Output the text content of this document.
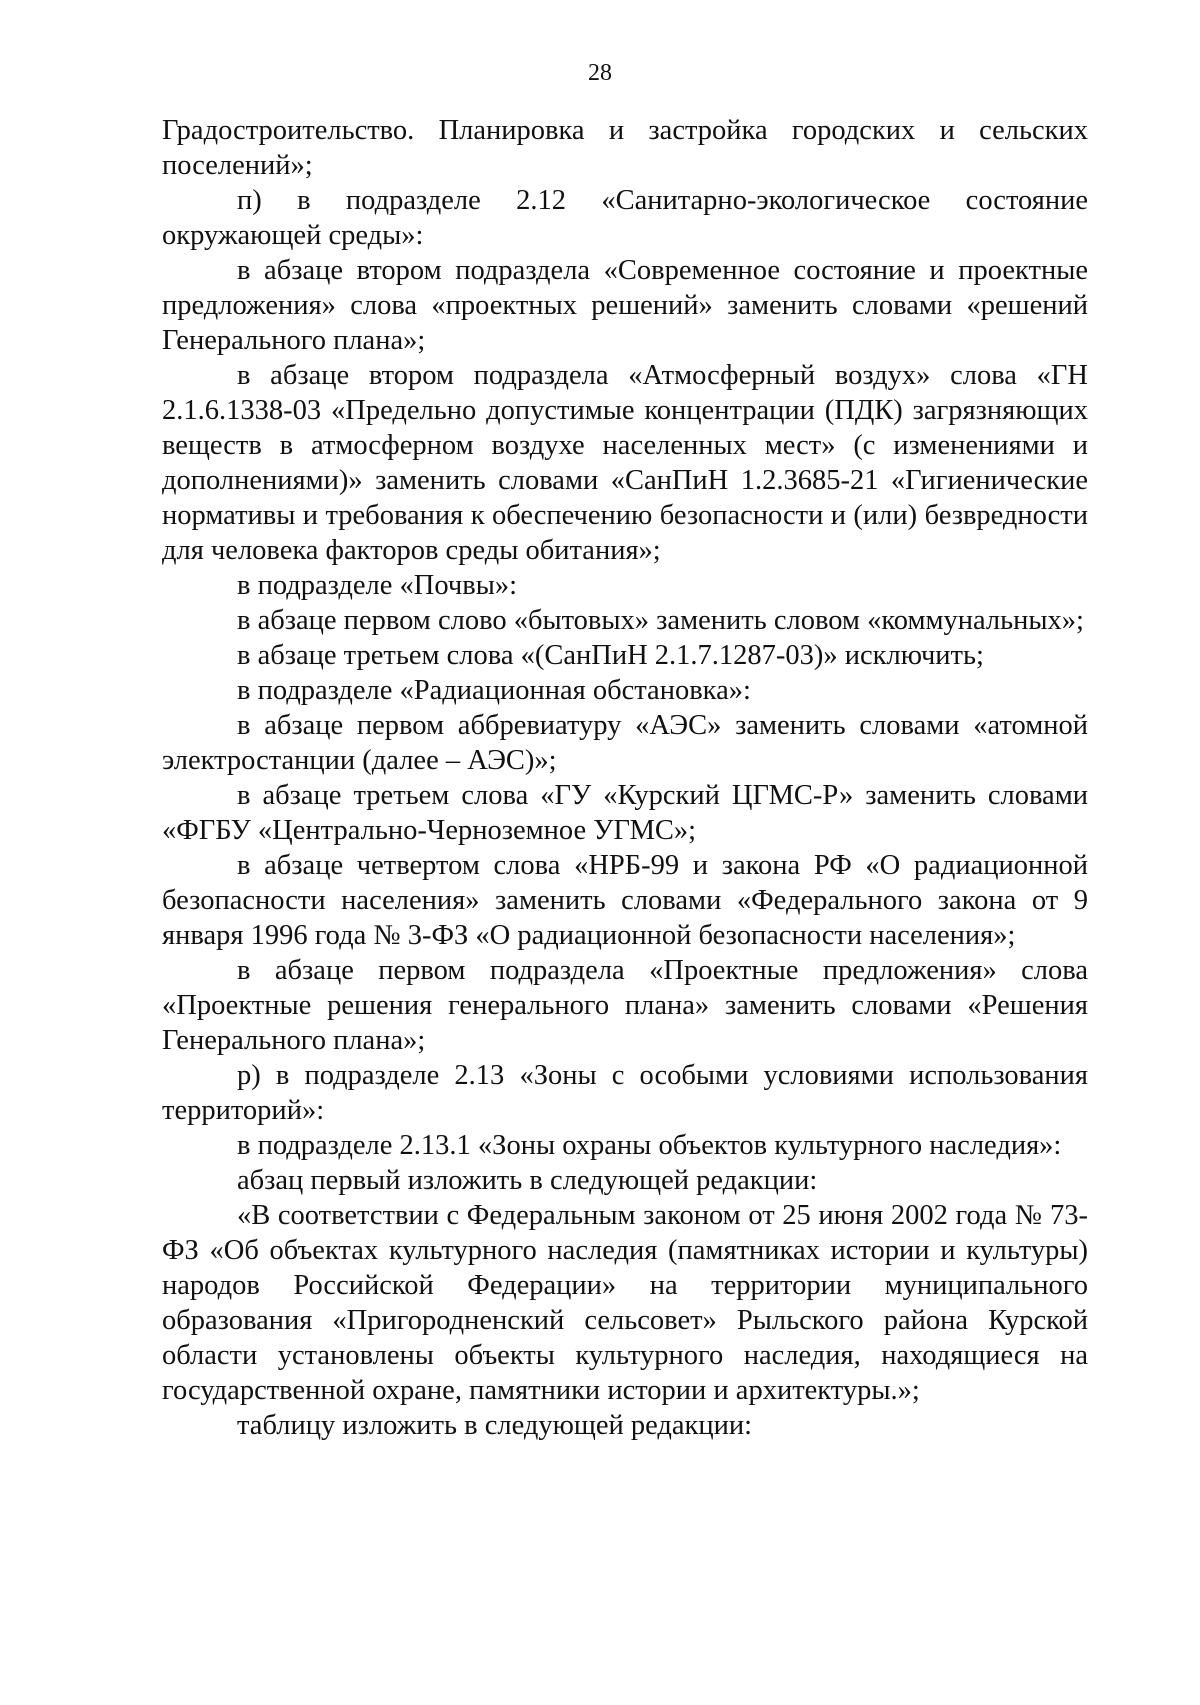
28

Градостроительство. Планировка и застройка городских и сельских поселений»;

п) в подразделе 2.12 «Санитарно-экологическое состояние окружающей среды»:

в абзаце втором подраздела «Современное состояние и проектные предложения» слова «проектных решений» заменить словами «решений Генерального плана»;

в абзаце втором подраздела «Атмосферный воздух» слова «ГН 2.1.6.1338-03 «Предельно допустимые концентрации (ПДК) загрязняющих веществ в атмосферном воздухе населенных мест» (с изменениями и дополнениями)» заменить словами «СанПиН 1.2.3685-21 «Гигиенические нормативы и требования к обеспечению безопасности и (или) безвредности для человека факторов среды обитания»;

в подразделе «Почвы»:

в абзаце первом слово «бытовых» заменить словом «коммунальных»;

в абзаце третьем слова «(СанПиН 2.1.7.1287-03)» исключить;

в подразделе «Радиационная обстановка»:

в абзаце первом аббревиатуру «АЭС» заменить словами «атомной электростанции (далее – АЭС)»;

в абзаце третьем слова «ГУ «Курский ЦГМС-Р» заменить словами «ФГБУ «Центрально-Черноземное УГМС»;

в абзаце четвертом слова «НРБ-99 и закона РФ «О радиационной безопасности населения» заменить словами «Федерального закона от 9 января 1996 года № 3-ФЗ «О радиационной безопасности населения»;

в абзаце первом подраздела «Проектные предложения» слова «Проектные решения генерального плана» заменить словами «Решения Генерального плана»;

р) в подразделе 2.13 «Зоны с особыми условиями использования территорий»:

в подразделе 2.13.1 «Зоны охраны объектов культурного наследия»:

абзац первый изложить в следующей редакции:

«В соответствии с Федеральным законом от 25 июня 2002 года № 73-ФЗ «Об объектах культурного наследия (памятниках истории и культуры) народов Российской Федерации» на территории муниципального образования «Пригородненский сельсовет» Рыльского района Курской области установлены объекты культурного наследия, находящиеся на государственной охране, памятники истории и архитектуры.»;

таблицу изложить в следующей редакции:
